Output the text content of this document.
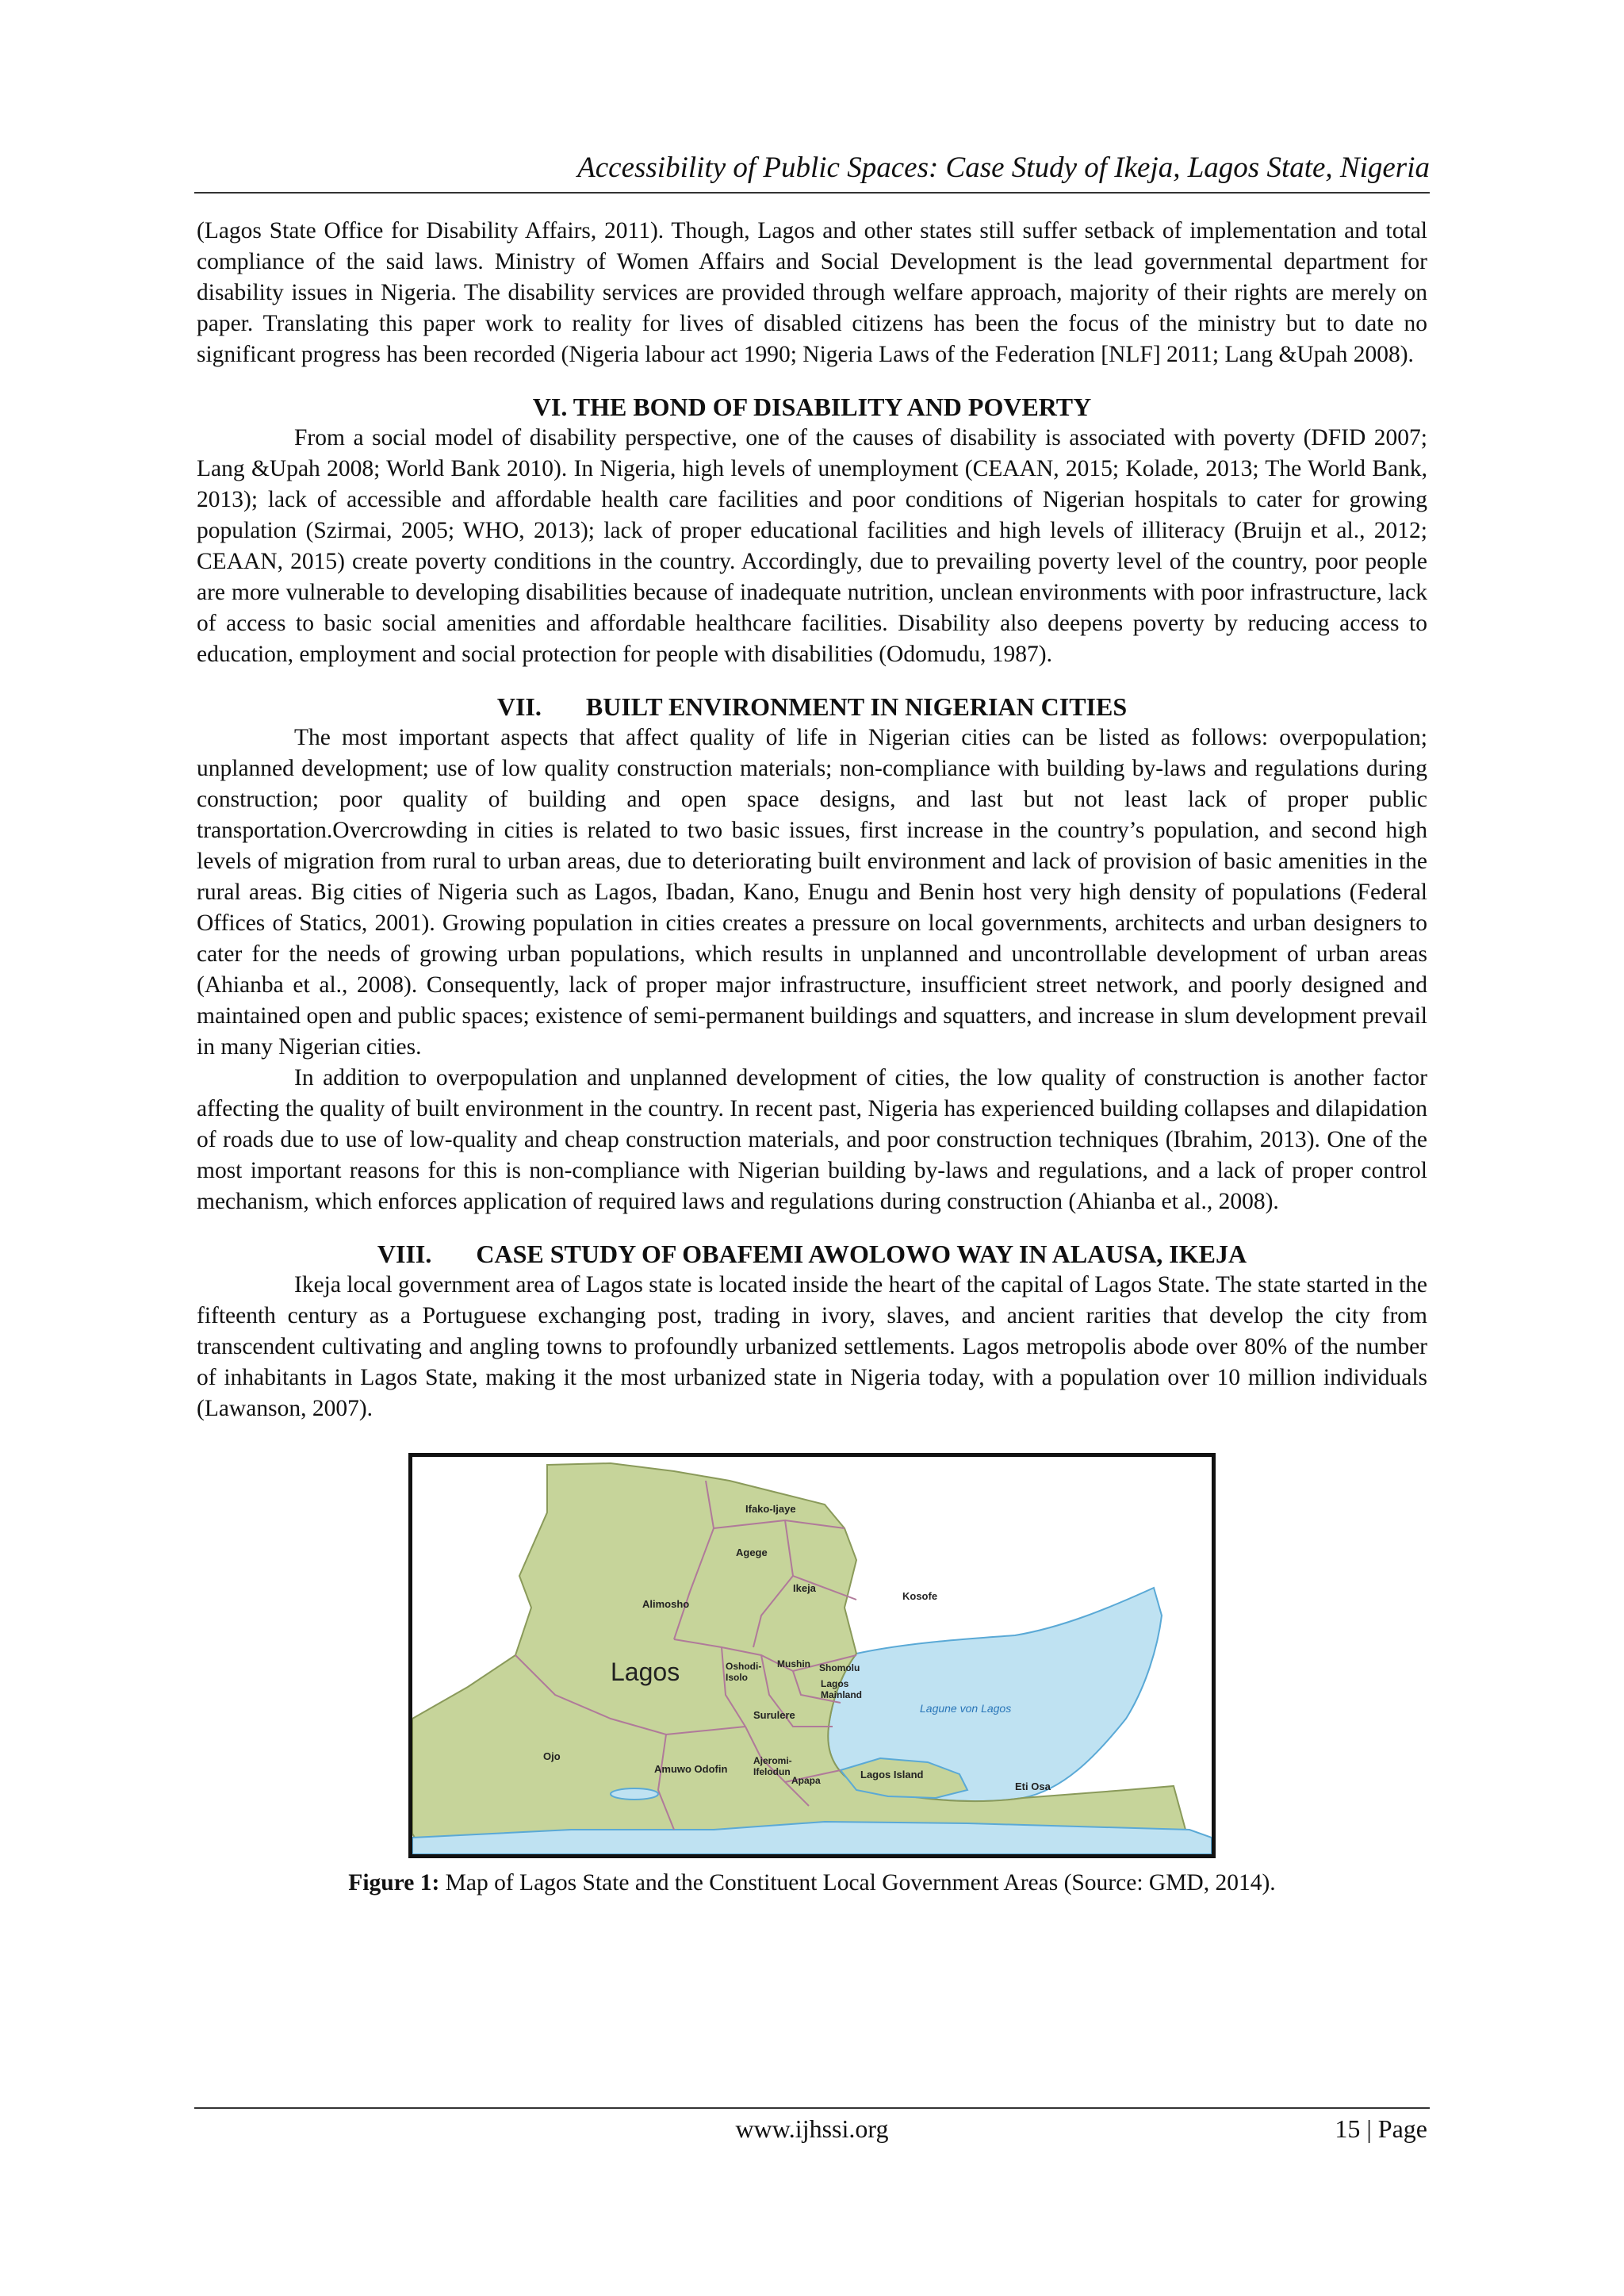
Accessibility of Public Spaces: Case Study of Ikeja, Lagos State, Nigeria

(Lagos State Office for Disability Affairs, 2011). Though, Lagos and other states still suffer setback of implementation and total compliance of the said laws. Ministry of Women Affairs and Social Development is the lead governmental department for disability issues in Nigeria. The disability services are provided through welfare approach, majority of their rights are merely on paper. Translating this paper work to reality for lives of disabled citizens has been the focus of the ministry but to date no significant progress has been recorded (Nigeria labour act 1990; Nigeria Laws of the Federation [NLF] 2011; Lang &Upah 2008).

VI. THE BOND OF DISABILITY AND POVERTY

From a social model of disability perspective, one of the causes of disability is associated with poverty (DFID 2007; Lang &Upah 2008; World Bank 2010). In Nigeria, high levels of unemployment (CEAAN, 2015; Kolade, 2013; The World Bank, 2013); lack of accessible and affordable health care facilities and poor conditions of Nigerian hospitals to cater for growing population (Szirmai, 2005; WHO, 2013); lack of proper educational facilities and high levels of illiteracy (Bruijn et al., 2012; CEAAN, 2015) create poverty conditions in the country. Accordingly, due to prevailing poverty level of the country, poor people are more vulnerable to developing disabilities because of inadequate nutrition, unclean environments with poor infrastructure, lack of access to basic social amenities and affordable healthcare facilities. Disability also deepens poverty by reducing access to education, employment and social protection for people with disabilities (Odomudu, 1987).

VII. BUILT ENVIRONMENT IN NIGERIAN CITIES

The most important aspects that affect quality of life in Nigerian cities can be listed as follows: overpopulation; unplanned development; use of low quality construction materials; non-compliance with building by-laws and regulations during construction; poor quality of building and open space designs, and last but not least lack of proper public transportation.Overcrowding in cities is related to two basic issues, first increase in the country’s population, and second high levels of migration from rural to urban areas, due to deteriorating built environment and lack of provision of basic amenities in the rural areas. Big cities of Nigeria such as Lagos, Ibadan, Kano, Enugu and Benin host very high density of populations (Federal Offices of Statics, 2001). Growing population in cities creates a pressure on local governments, architects and urban designers to cater for the needs of growing urban populations, which results in unplanned and uncontrollable development of urban areas (Ahianba et al., 2008). Consequently, lack of proper major infrastructure, insufficient street network, and poorly designed and maintained open and public spaces; existence of semi-permanent buildings and squatters, and increase in slum development prevail in many Nigerian cities.

In addition to overpopulation and unplanned development of cities, the low quality of construction is another factor affecting the quality of built environment in the country. In recent past, Nigeria has experienced building collapses and dilapidation of roads due to use of low-quality and cheap construction materials, and poor construction techniques (Ibrahim, 2013). One of the most important reasons for this is non-compliance with Nigerian building by-laws and regulations, and a lack of proper control mechanism, which enforces application of required laws and regulations during construction (Ahianba et al., 2008).

VIII. CASE STUDY OF OBAFEMI AWOLOWO WAY IN ALAUSA, IKEJA

Ikeja local government area of Lagos state is located inside the heart of the capital of Lagos State. The state started in the fifteenth century as a Portuguese exchanging post, trading in ivory, slaves, and ancient rarities that develop the city from transcendent cultivating and angling towns to profoundly urbanized settlements. Lagos metropolis abode over 80% of the number of inhabitants in Lagos State, making it the most urbanized state in Nigeria today, with a population over 10 million individuals (Lawanson, 2007).

Ifako-Ijaye
Agege
Ikeja
Kosofe
Alimosho
Lagos	Oshodi-
Isolo
Mushin Shomolu
Lagos
Mainland
Lagune von Lagos
Surulere
Ojo
Amuwo Odofin
Ajeromi-
Ifelodun
Apapa	Lagos Island
Eti Osa
Figure 1: Map of Lagos State and the Constituent Local Government Areas (Source: GMD, 2014).
www.ijhssi.org	15 | Page
